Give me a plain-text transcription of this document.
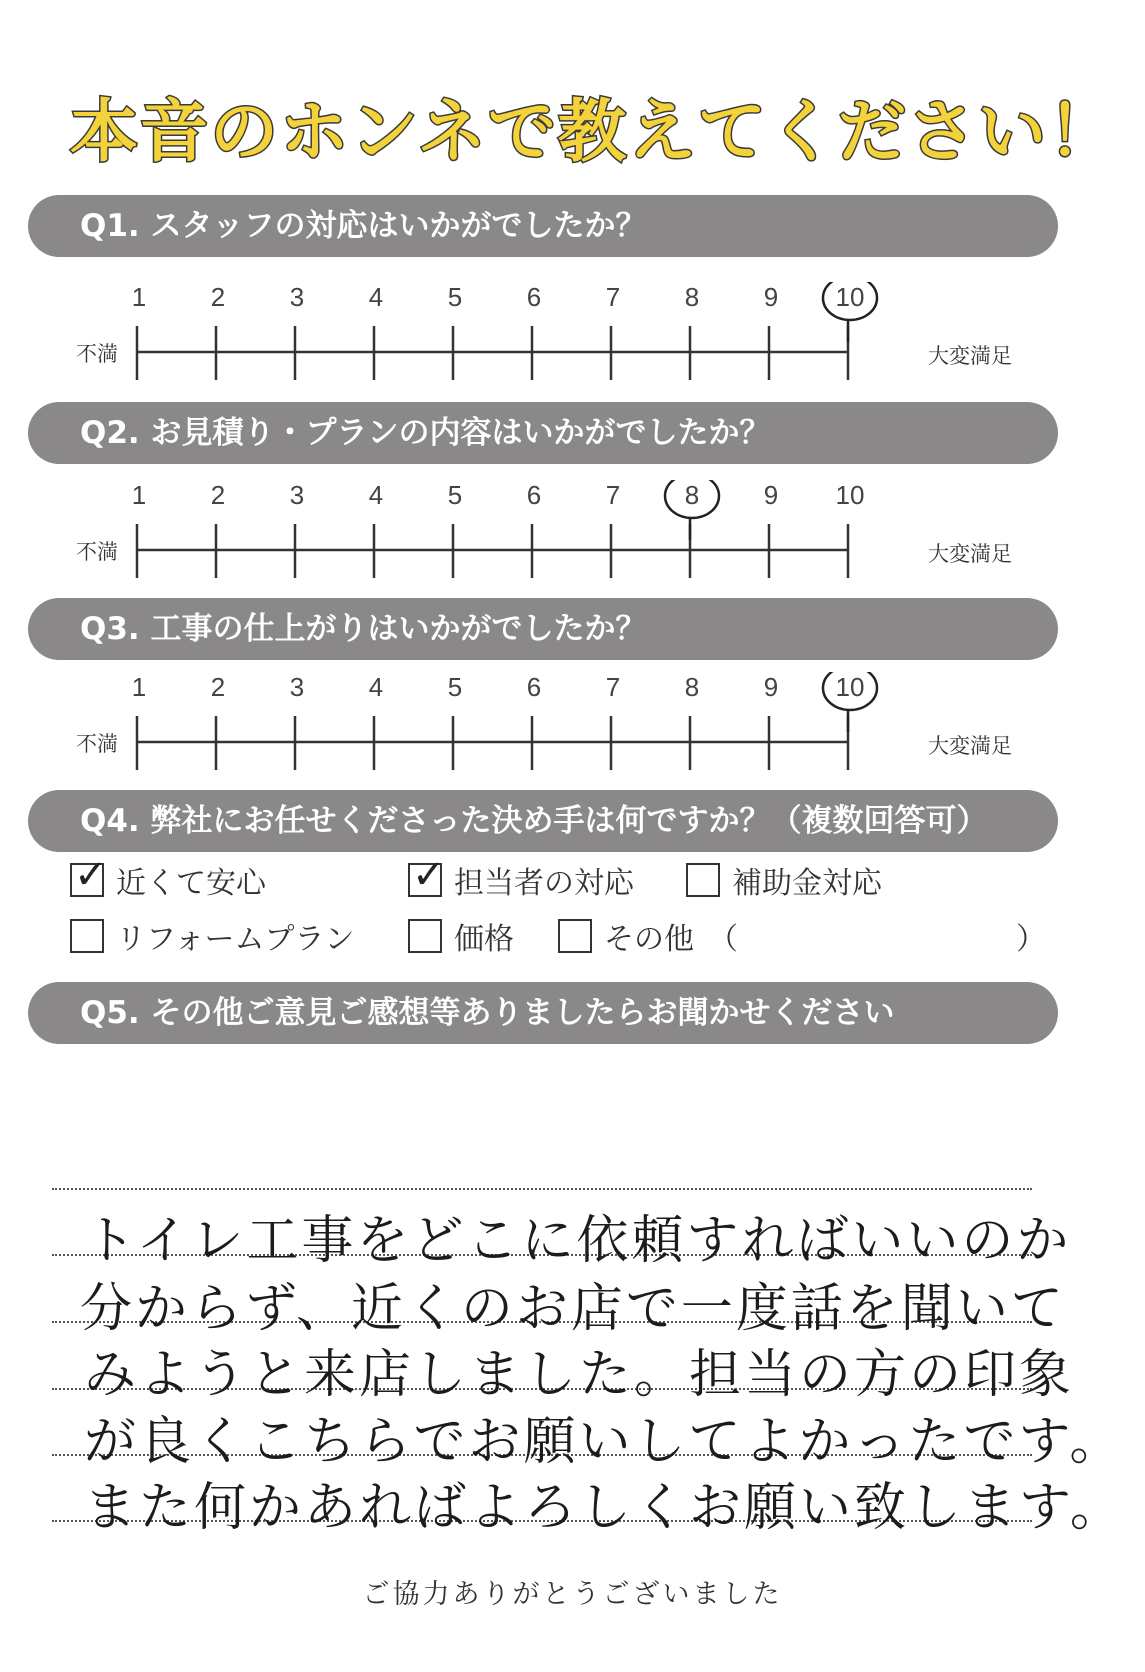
本音のホンネで教えてください！
Q1. スタッフの対応はいかがでしたか？
1 2 3 4 5 6 7 8 9 10
不満	大変満足
Q2. お見積り・プランの内容はいかがでしたか？
1 2 3 4 5 6 7 8 9 10
不満	大変満足
Q3. 工事の仕上がりはいかがでしたか？
1 2 3 4 5 6 7 8 9 10
不満	大変満足
Q4. 弊社にお任せくださった決め手は何ですか？（複数回答可）
✓ 近くて安心	✓ 担当者の対応	補助金対応
リフォームプラン	価格	その他 （	）
Q5. その他ご意見ご感想等ありましたらお聞かせください
トイレ工事をどこに依頼すればいいのか
分からず、近くのお店で一度話を聞いて
みようと来店しました。担当の方の印象
が良くこちらでお願いしてよかったです。
また何かあればよろしくお願い致します。
ご協力ありがとうございました
